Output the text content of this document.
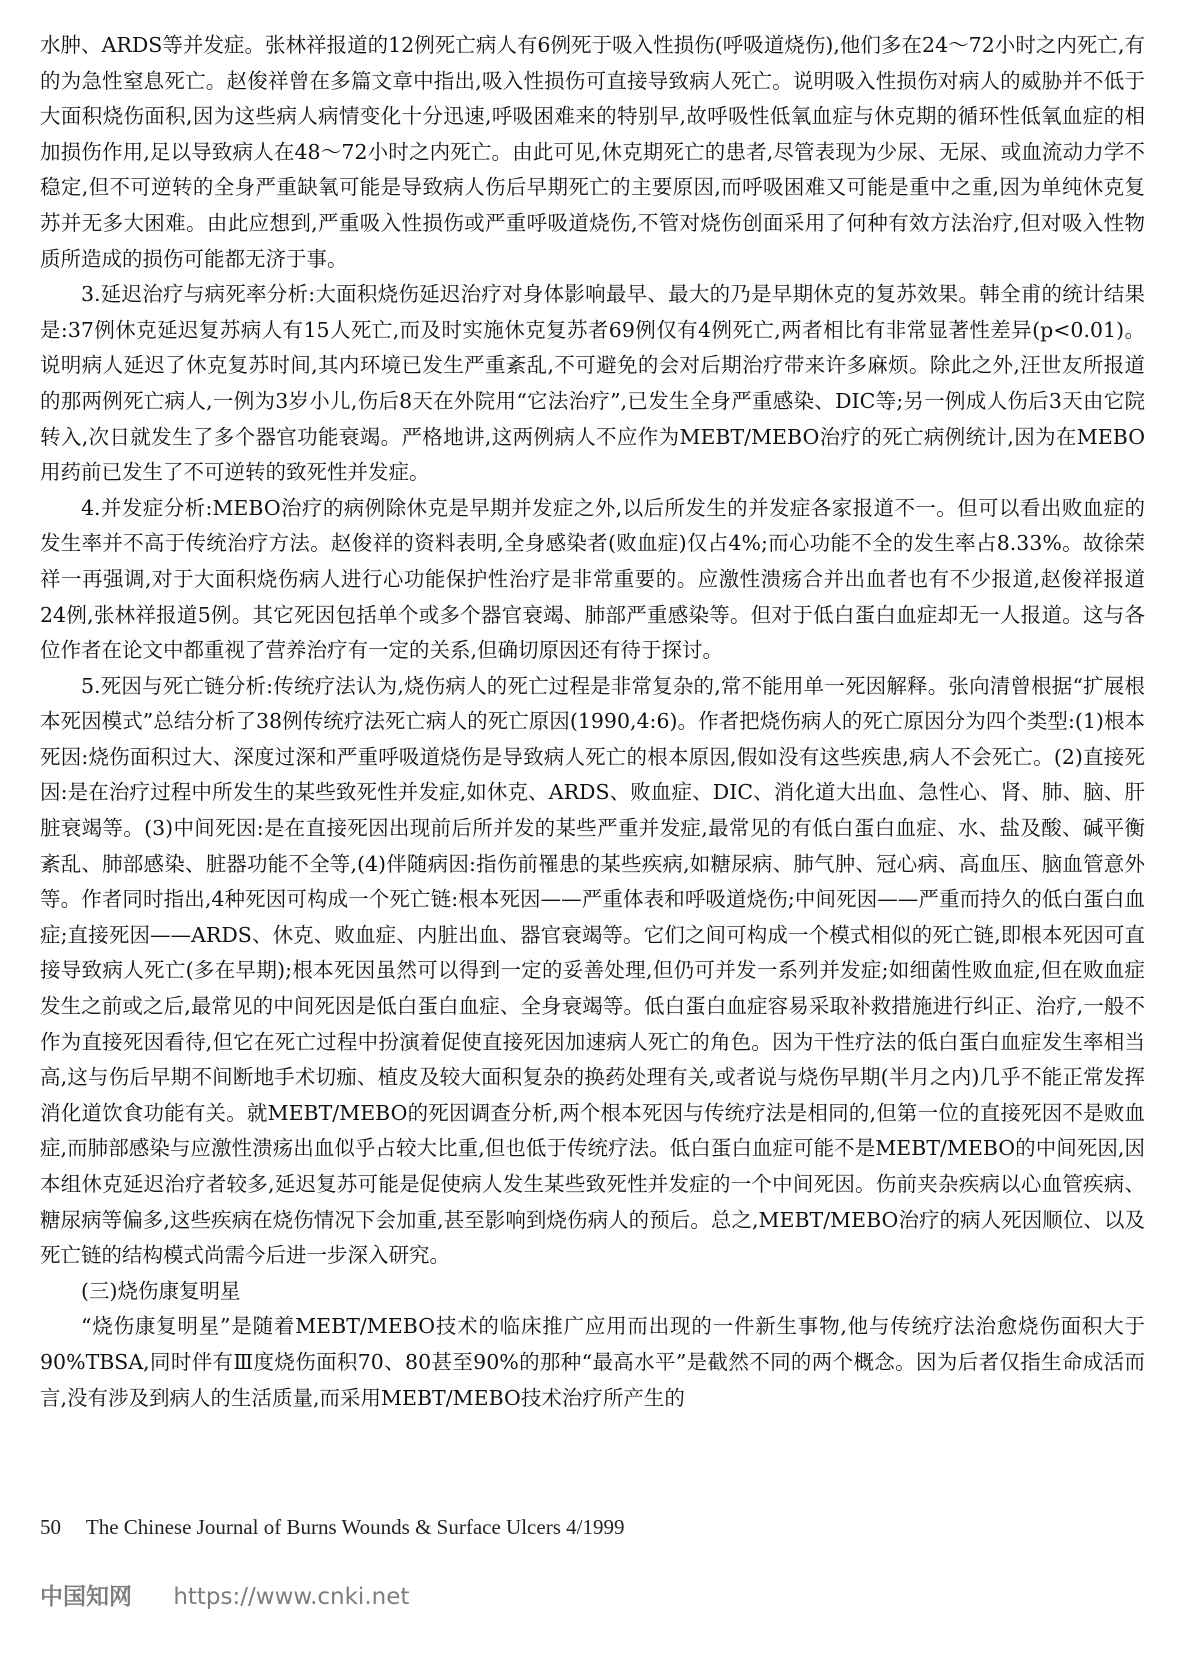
水肿、ARDS等并发症。张林祥报道的12例死亡病人有6例死于吸入性损伤(呼吸道烧伤),他们多在24～72小时之内死亡,有的为急性窒息死亡。赵俊祥曾在多篇文章中指出,吸入性损伤可直接导致病人死亡。说明吸入性损伤对病人的威胁并不低于大面积烧伤面积,因为这些病人病情变化十分迅速,呼吸困难来的特别早,故呼吸性低氧血症与休克期的循环性低氧血症的相加损伤作用,足以导致病人在48～72小时之内死亡。由此可见,休克期死亡的患者,尽管表现为少尿、无尿、或血流动力学不稳定,但不可逆转的全身严重缺氧可能是导致病人伤后早期死亡的主要原因,而呼吸困难又可能是重中之重,因为单纯休克复苏并无多大困难。由此应想到,严重吸入性损伤或严重呼吸道烧伤,不管对烧伤创面采用了何种有效方法治疗,但对吸入性物质所造成的损伤可能都无济于事。

3.延迟治疗与病死率分析:大面积烧伤延迟治疗对身体影响最早、最大的乃是早期休克的复苏效果。韩全甫的统计结果是:37例休克延迟复苏病人有15人死亡,而及时实施休克复苏者69例仅有4例死亡,两者相比有非常显著性差异(p<0.01)。说明病人延迟了休克复苏时间,其内环境已发生严重紊乱,不可避免的会对后期治疗带来许多麻烦。除此之外,汪世友所报道的那两例死亡病人,一例为3岁小儿,伤后8天在外院用“它法治疗”,已发生全身严重感染、DIC等;另一例成人伤后3天由它院转入,次日就发生了多个器官功能衰竭。严格地讲,这两例病人不应作为MEBT/MEBO治疗的死亡病例统计,因为在MEBO用药前已发生了不可逆转的致死性并发症。

4.并发症分析:MEBO治疗的病例除休克是早期并发症之外,以后所发生的并发症各家报道不一。但可以看出败血症的发生率并不高于传统治疗方法。赵俊祥的资料表明,全身感染者(败血症)仅占4%;而心功能不全的发生率占8.33%。故徐荣祥一再强调,对于大面积烧伤病人进行心功能保护性治疗是非常重要的。应激性溃疡合并出血者也有不少报道,赵俊祥报道24例,张林祥报道5例。其它死因包括单个或多个器官衰竭、肺部严重感染等。但对于低白蛋白血症却无一人报道。这与各位作者在论文中都重视了营养治疗有一定的关系,但确切原因还有待于探讨。

5.死因与死亡链分析:传统疗法认为,烧伤病人的死亡过程是非常复杂的,常不能用单一死因解释。张向清曾根据“扩展根本死因模式”总结分析了38例传统疗法死亡病人的死亡原因(1990,4:6)。作者把烧伤病人的死亡原因分为四个类型:(1)根本死因:烧伤面积过大、深度过深和严重呼吸道烧伤是导致病人死亡的根本原因,假如没有这些疾患,病人不会死亡。(2)直接死因:是在治疗过程中所发生的某些致死性并发症,如休克、ARDS、败血症、DIC、消化道大出血、急性心、肾、肺、脑、肝脏衰竭等。(3)中间死因:是在直接死因出现前后所并发的某些严重并发症,最常见的有低白蛋白血症、水、盐及酸、碱平衡紊乱、肺部感染、脏器功能不全等,(4)伴随病因:指伤前罹患的某些疾病,如糖尿病、肺气肿、冠心病、高血压、脑血管意外等。作者同时指出,4种死因可构成一个死亡链:根本死因——严重体表和呼吸道烧伤;中间死因——严重而持久的低白蛋白血症;直接死因——ARDS、休克、败血症、内脏出血、器官衰竭等。它们之间可构成一个模式相似的死亡链,即根本死因可直接导致病人死亡(多在早期);根本死因虽然可以得到一定的妥善处理,但仍可并发一系列并发症;如细菌性败血症,但在败血症发生之前或之后,最常见的中间死因是低白蛋白血症、全身衰竭等。低白蛋白血症容易采取补救措施进行纠正、治疗,一般不作为直接死因看待,但它在死亡过程中扮演着促使直接死因加速病人死亡的角色。因为干性疗法的低白蛋白血症发生率相当高,这与伤后早期不间断地手术切痂、植皮及较大面积复杂的换药处理有关,或者说与烧伤早期(半月之内)几乎不能正常发挥消化道饮食功能有关。就MEBT/MEBO的死因调查分析,两个根本死因与传统疗法是相同的,但第一位的直接死因不是败血症,而肺部感染与应激性溃疡出血似乎占较大比重,但也低于传统疗法。低白蛋白血症可能不是MEBT/MEBO的中间死因,因本组休克延迟治疗者较多,延迟复苏可能是促使病人发生某些致死性并发症的一个中间死因。伤前夹杂疾病以心血管疾病、糖尿病等偏多,这些疾病在烧伤情况下会加重,甚至影响到烧伤病人的预后。总之,MEBT/MEBO治疗的病人死因顺位、以及死亡链的结构模式尚需今后进一步深入研究。

(三)烧伤康复明星

“烧伤康复明星”是随着MEBT/MEBO技术的临床推广应用而出现的一件新生事物,他与传统疗法治愈烧伤面积大于90%TBSA,同时伴有Ⅲ度烧伤面积70、80甚至90%的那种“最高水平”是截然不同的两个概念。因为后者仅指生命成活而言,没有涉及到病人的生活质量,而采用MEBT/MEBO技术治疗所产生的

50 The Chinese Journal of Burns Wounds & Surface Ulcers 4/1999
中国知网 https://www.cnki.net
